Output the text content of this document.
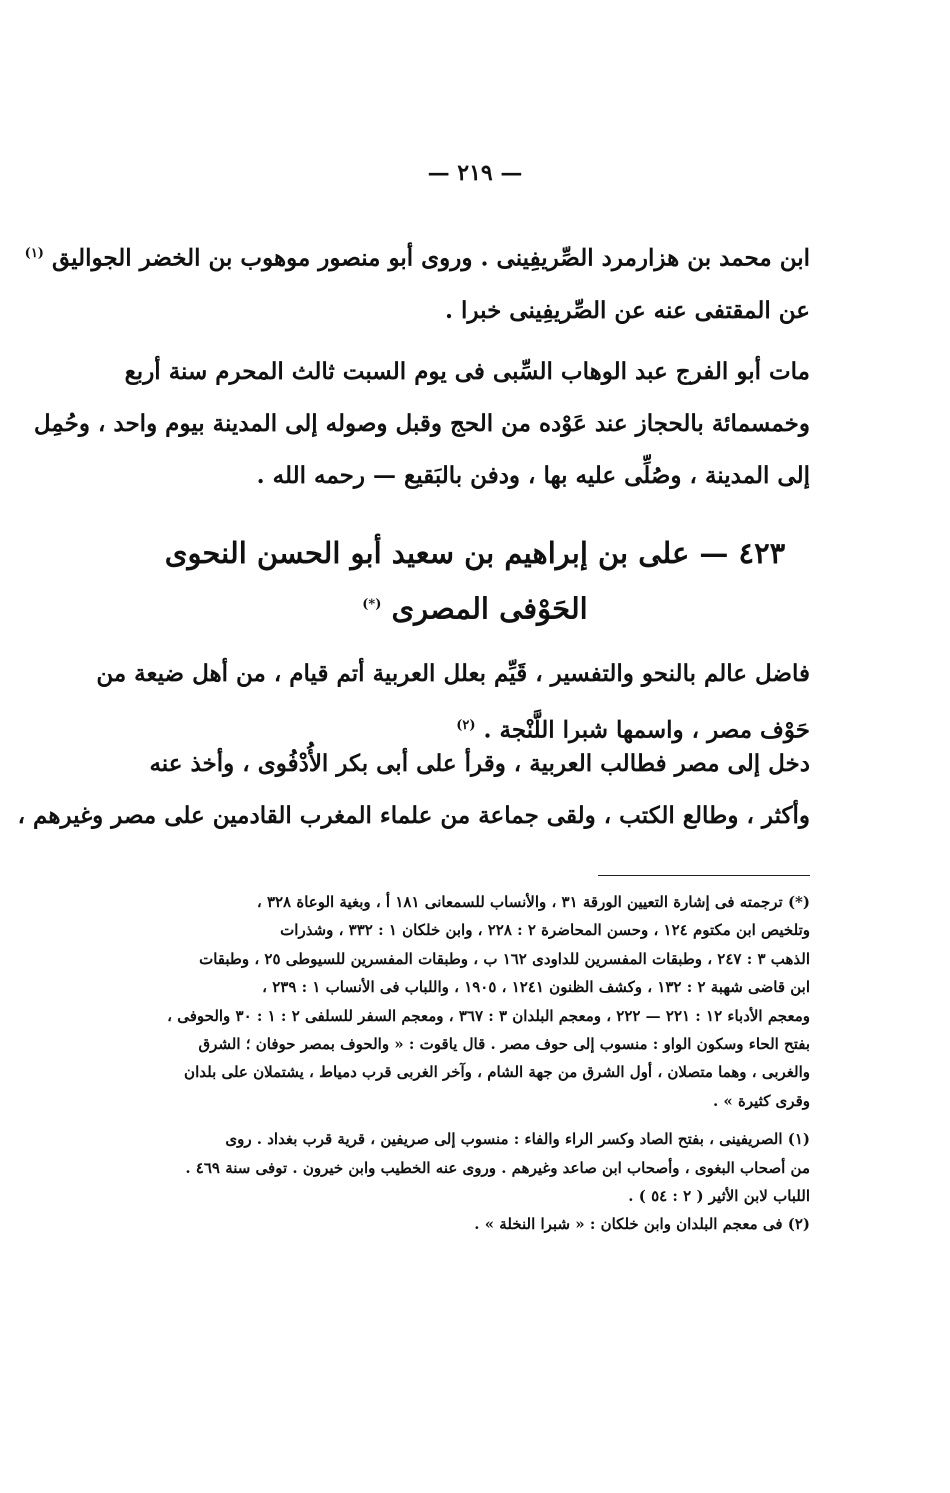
— ٢١٩ —
ابن محمد بن هزارمرد الصِّريفِينى . وروى أبو منصور موهوب بن الخضر الجواليق $^{(١)}$
عن المقتفى عنه عن الصِّريفِينى خبرا .
مات أبو الفرج عبد الوهاب السِّبى فى يوم السبت ثالث المحرم سنة أربع
وخمسمائة بالحجاز عند عَوْده من الحج وقبل وصوله إلى المدينة بيوم واحد ، وحُمِل
إلى المدينة ، وصُلِّى عليه بها ، ودفن بالبَقيع — رحمه الله .
٤٢٣ — على بن إبراهيم بن سعيد أبو الحسن النحوى
الحَوْفى المصرى (*)
فاضل عالم بالنحو والتفسير ، قَيِّم بعلل العربية أتم قيام ، من أهل ضيعة من
حَوْف مصر ، واسمها شبرا اللَّنْجة . $^{(٢)}$
دخل إلى مصر فطالب العربية ، وقرأ على أبى بكر الأُدْفُوى ، وأخذ عنه
وأكثر ، وطالع الكتب ، ولقى جماعة من علماء المغرب القادمين على مصر وغيرهم ،
(*) ترجمته فى إشارة التعيين الورقة ٣١ ، والأنساب للسمعانى ١٨١ أ ، وبغية الوعاة ٣٢٨ ،
وتلخيص ابن مكتوم ١٢٤ ، وحسن المحاضرة ٢ : ٢٢٨ ، وابن خلكان ١ : ٣٣٢ ، وشذرات
الذهب ٣ : ٢٤٧ ، وطبقات المفسرين للداودى ١٦٢ ب ، وطبقات المفسرين للسيوطى ٢٥ ، وطبقات
ابن قاضى شهبة ٢ : ١٣٢ ، وكشف الظنون ١٢٤١ ، ١٩٠٥ ، واللباب فى الأنساب ١ : ٢٣٩ ،
ومعجم الأدباء ١٢ : ٢٢١ — ٢٢٢ ، ومعجم البلدان ٣ : ٣٦٧ ، ومعجم السفر للسلفى ٢ : ١ : ٣٠ والحوفى ،
بفتح الحاء وسكون الواو : منسوب إلى حوف مصر . قال ياقوت : « والحوف بمصر حوفان ؛ الشرق
والغربى ، وهما متصلان ، أول الشرق من جهة الشام ، وآخر الغربى قرب دمياط ، يشتملان على بلدان
وقرى كثيرة » .
(١) الصريفينى ، بفتح الصاد وكسر الراء والفاء : منسوب إلى صريفين ، قرية قرب بغداد . روى
من أصحاب البغوى ، وأصحاب ابن صاعد وغيرهم . وروى عنه الخطيب وابن خيرون . توفى سنة ٤٦٩ .
اللباب لابن الأثير ( ٢ : ٥٤ ) .
(٢) فى معجم البلدان وابن خلكان : « شبرا النخلة » .
